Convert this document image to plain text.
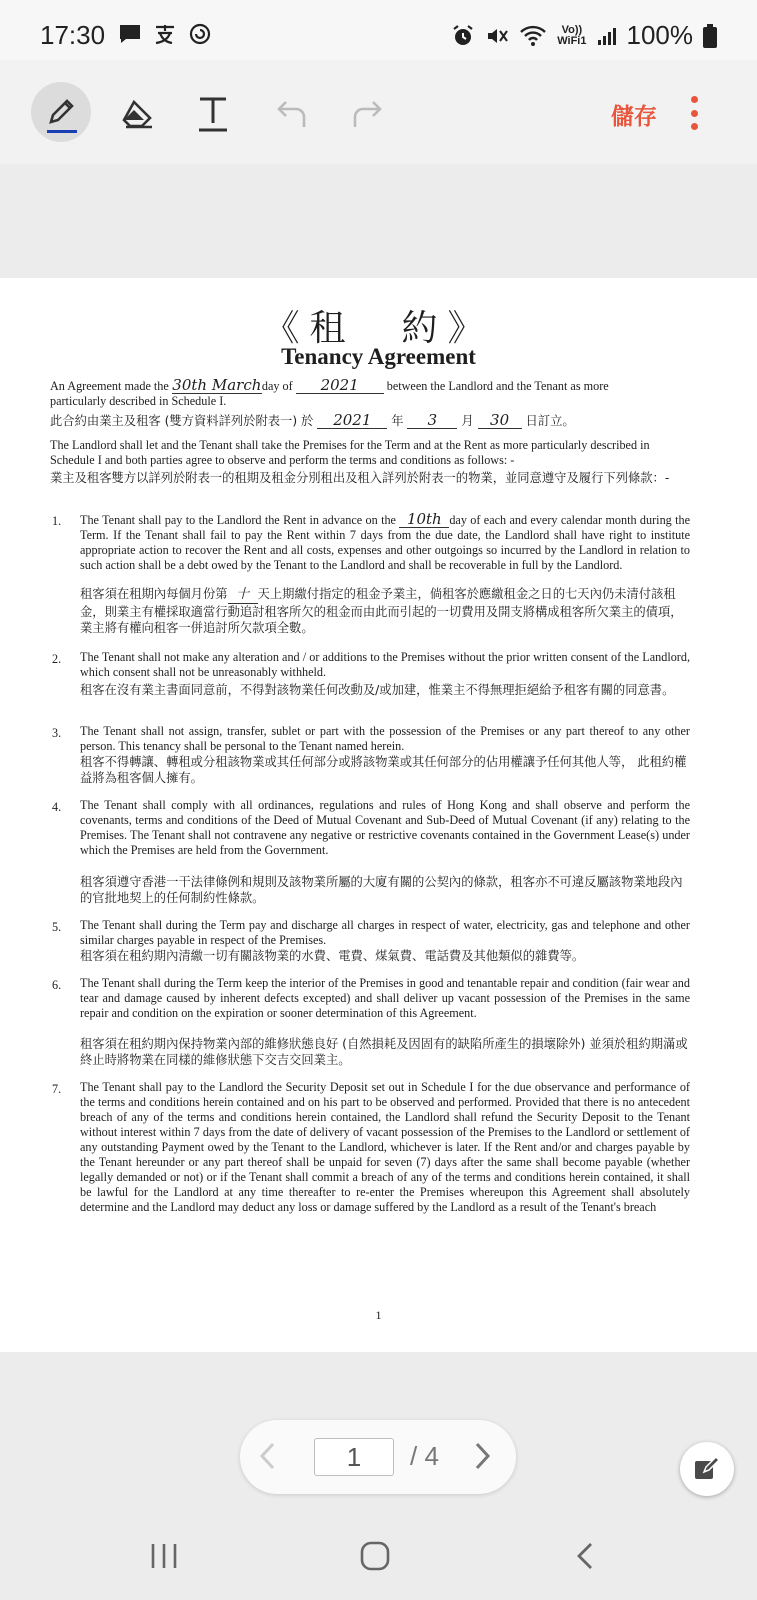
17:30	Vo))
WiFi1 100%
儲存
《租　約》
Tenancy Agreement
An Agreement made the 30th Marchday of 2021 between the Landlord and the Tenant as more
particularly described in Schedule I.
此合約由業主及租客 (雙方資料詳列於附表一) 於 2021 年 3 月 30 日訂立。
The Landlord shall let and the Tenant shall take the Premises for the Term and at the Rent as more particularly described in Schedule I and both parties agree to observe and perform the terms and conditions as follows: -
業主及租客雙方以詳列於附表一的租期及租金分別租出及租入詳列於附表一的物業，並同意遵守及履行下列條款：-
1. The Tenant shall pay to the Landlord the Rent in advance on the 10th day of each and every calendar month during the Term. If the Tenant shall fail to pay the Rent within 7 days from the due date, the Landlord shall have right to institute appropriate action to recover the Rent and all costs, expenses and other outgoings so incurred by the Landlord in relation to such action shall be a debt owed by the Tenant to the Landlord and shall be recoverable in full by the Landlord.
租客須在租期內每個月份第 十 天上期繳付指定的租金予業主，倘租客於應繳租金之日的七天內仍未清付該租金，則業主有權採取適當行動追討租客所欠的租金而由此而引起的一切費用及開支將構成租客所欠業主的債項，業主將有權向租客一併追討所欠款項全數。
2. The Tenant shall not make any alteration and / or additions to the Premises without the prior written consent of the Landlord, which consent shall not be unreasonably withheld.
租客在沒有業主書面同意前，不得對該物業任何改動及/或加建，惟業主不得無理拒絕給予租客有關的同意書。
3. The Tenant shall not assign, transfer, sublet or part with the possession of the Premises or any part thereof to any other person. This tenancy shall be personal to the Tenant named herein.
租客不得轉讓、轉租或分租該物業或其任何部分或將該物業或其任何部分的佔用權讓予任何其他人等， 此租約權益將為租客個人擁有。
4. The Tenant shall comply with all ordinances, regulations and rules of Hong Kong and shall observe and perform the covenants, terms and conditions of the Deed of Mutual Covenant and Sub-Deed of Mutual Covenant (if any) relating to the Premises. The Tenant shall not contravene any negative or restrictive covenants contained in the Government Lease(s) under which the Premises are held from the Government.
租客須遵守香港一干法律條例和規則及該物業所屬的大廈有關的公契內的條款，租客亦不可違反屬該物業地段內的官批地契上的任何制約性條款。
5. The Tenant shall during the Term pay and discharge all charges in respect of water, electricity, gas and telephone and other similar charges payable in respect of the Premises.
租客須在租約期內清繳一切有關該物業的水費、電費、煤氣費、電話費及其他類似的雜費等。
6. The Tenant shall during the Term keep the interior of the Premises in good and tenantable repair and condition (fair wear and tear and damage caused by inherent defects excepted) and shall deliver up vacant possession of the Premises in the same repair and condition on the expiration or sooner determination of this Agreement.
租客須在租約期內保持物業內部的維修狀態良好 (自然損耗及因固有的缺陷所產生的損壞除外) 並須於租約期滿或終止時將物業在同樣的維修狀態下交吉交回業主。
7. The Tenant shall pay to the Landlord the Security Deposit set out in Schedule I for the due observance and performance of the terms and conditions herein contained and on his part to be observed and performed. Provided that there is no antecedent breach of any of the terms and conditions herein contained, the Landlord shall refund the Security Deposit to the Tenant without interest within 7 days from the date of delivery of vacant possession of the Premises to the Landlord or settlement of any outstanding Payment owed by the Tenant to the Landlord, whichever is later. If the Rent and/or and charges payable by the Tenant hereunder or any part thereof shall be unpaid for seven (7) days after the same shall become payable (whether legally demanded or not) or if the Tenant shall commit a breach of any of the terms and conditions herein contained, it shall be lawful for the Landlord at any time thereafter to re-enter the Premises whereupon this Agreement shall absolutely determine and the Landlord may deduct any loss or damage suffered by the Landlord as a result of the Tenant's breach
1
1	/ 4
